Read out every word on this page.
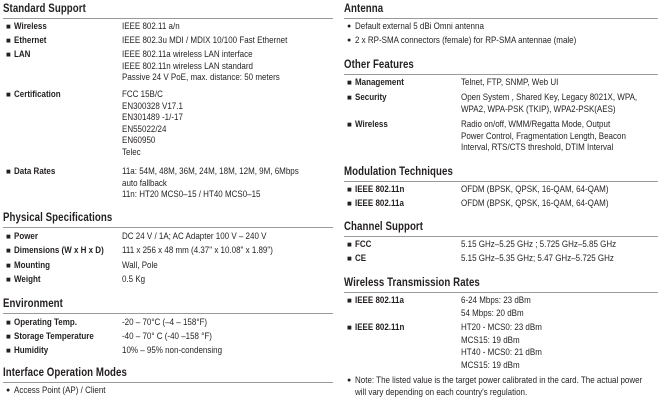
Standard Support
■ Wireless	IEEE 802.11 a/n
■ Ethernet	IEEE 802.3u MDI / MDIX 10/100 Fast Ethernet
■ LAN	IEEE 802.11a wireless LAN interface
IEEE 802.11n wireless LAN standard
Passive 24 V PoE, max. distance: 50 meters
■ Certification	FCC 15B/C
EN300328 V17.1
EN301489 -1/-17
EN55022/24
EN60950
Telec
■ Data Rates	11a: 54M, 48M, 36M, 24M, 18M, 12M, 9M, 6Mbps
auto fallback
11n: HT20 MCS0–15 / HT40 MCS0–15
Physical Specifications
■ Power	DC 24 V / 1A; AC Adapter 100 V – 240 V
■ Dimensions (W x H x D) 111 x 256 x 48 mm (4.37" x 10.08" x 1.89")
■ Mounting	Wall, Pole
■ Weight	0.5 Kg
Environment
■ Operating Temp.	-20 – 70°C (–4 – 158°F)
■ Storage Temperature	-40 – 70° C (-40 –158 °F)
■ Humidity	10% – 95% non-condensing
Interface Operation Modes
● Access Point (AP) / Client
Antenna
● Default external 5 dBi Omni antenna
● 2 x RP-SMA connectors (female) for RP-SMA antennae (male)
Other Features
■ Management	Telnet, FTP, SNMP, Web UI
■ Security	Open System , Shared Key, Legacy 8021X, WPA,
WPA2, WPA-PSK (TKIP), WPA2-PSK(AES)
■ Wireless	Radio on/off, WMM/Regatta Mode, Output
Power Control, Fragmentation Length, Beacon
Interval, RTS/CTS threshold, DTIM Interval
Modulation Techniques
■ IEEE 802.11n	OFDM (BPSK, QPSK, 16-QAM, 64-QAM)
■ IEEE 802.11a	OFDM (BPSK, QPSK, 16-QAM, 64-QAM)
Channel Support
■ FCC	5.15 GHz–5.25 GHz ; 5.725 GHz–5.85 GHz
■ CE	5.15 GHz–5.35 GHz; 5.47 GHz–5.725 GHz
Wireless Transmission Rates
■ IEEE 802.11a	6-24 Mbps: 23 dBm
54 Mbps: 20 dBm
■ IEEE 802.11n	HT20 - MCS0: 23 dBm
MCS15: 19 dBm
HT40 - MCS0: 21 dBm
MCS15: 19 dBm
● Note: The listed value is the target power calibrated in the card. The actual power
will vary depending on each country's regulation.
